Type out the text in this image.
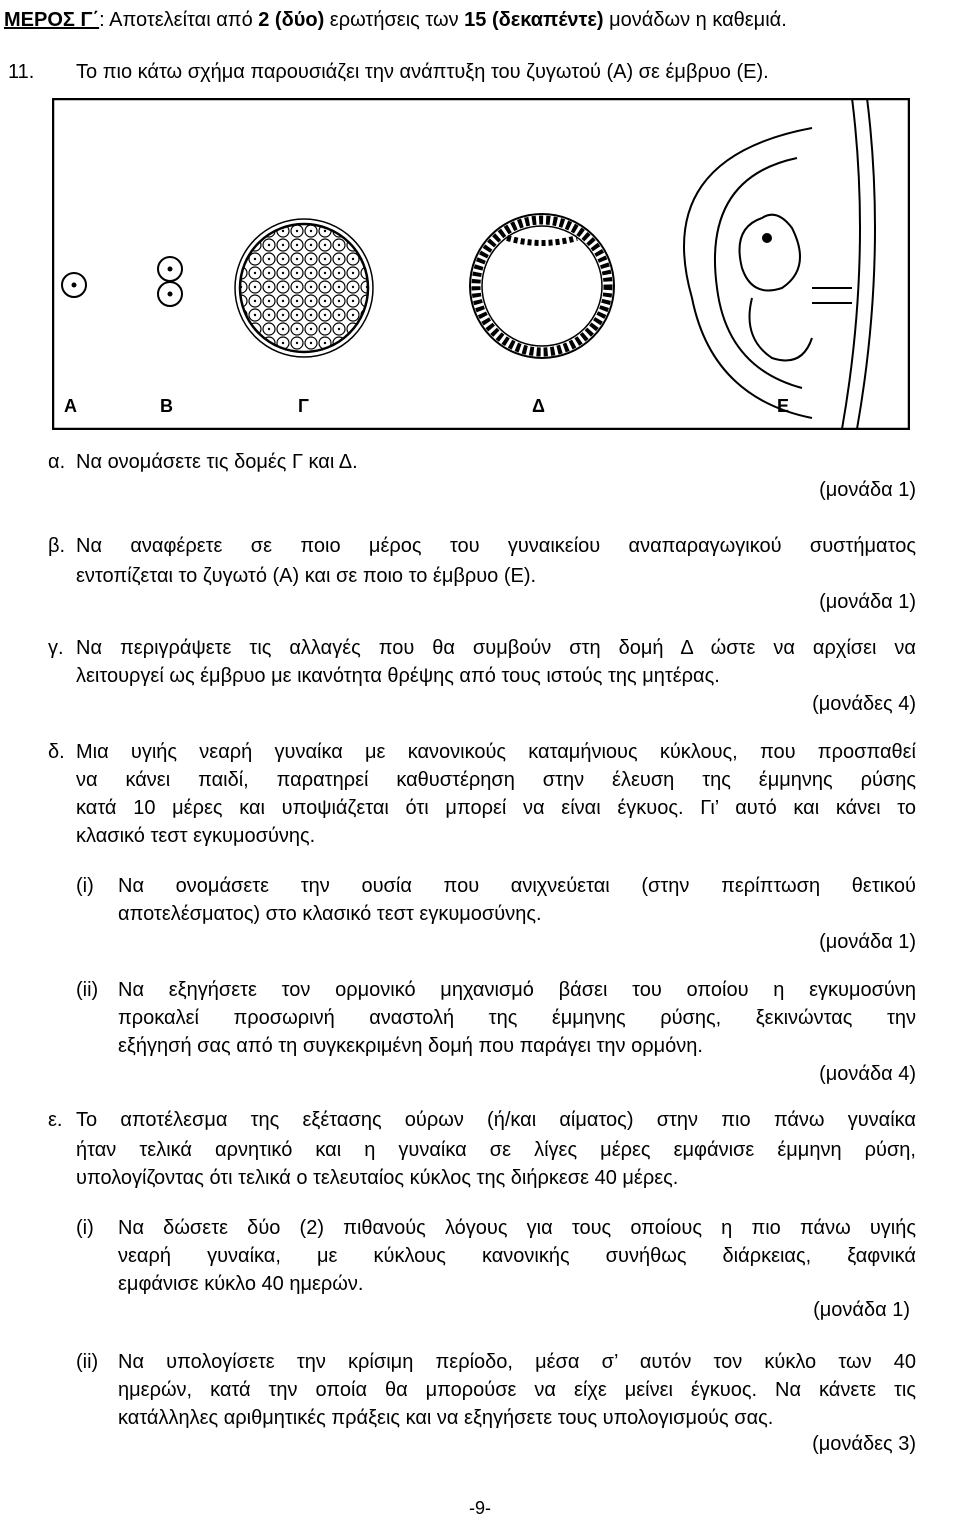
ΜΕΡΟΣ Γ΄: Αποτελείται από 2 (δύο) ερωτήσεις των 15 (δεκαπέντε) μονάδων η καθεμιά.
11. Το πιο κάτω σχήμα παρουσιάζει την ανάπτυξη του ζυγωτού (Α) σε έμβρυο (Ε).
Α	Β	Γ	Δ	Ε
α. Να ονομάσετε τις δομές Γ και Δ.
(μονάδα 1)
β. Να αναφέρετε σε ποιο μέρος του γυναικείου αναπαραγωγικού συστήματος
εντοπίζεται το ζυγωτό (Α) και σε ποιο το έμβρυο (Ε).
(μονάδα 1)
γ. Να περιγράψετε τις αλλαγές που θα συμβούν στη δομή Δ ώστε να αρχίσει να
λειτουργεί ως έμβρυο με ικανότητα θρέψης από τους ιστούς της μητέρας.
(μονάδες 4)
δ. Μια υγιής νεαρή γυναίκα με κανονικούς καταμήνιους κύκλους, που προσπαθεί
να κάνει παιδί, παρατηρεί καθυστέρηση στην έλευση της έμμηνης ρύσης
κατά 10 μέρες και υποψιάζεται ότι μπορεί να είναι έγκυος. Γι’ αυτό και κάνει το
κλασικό τεστ εγκυμοσύνης.
(i) Να ονομάσετε την ουσία που ανιχνεύεται (στην περίπτωση θετικού
αποτελέσματος) στο κλασικό τεστ εγκυμοσύνης.
(μονάδα 1)
(ii) Να εξηγήσετε τον ορμονικό μηχανισμό βάσει του οποίου η εγκυμοσύνη
προκαλεί προσωρινή αναστολή της έμμηνης ρύσης, ξεκινώντας την
εξήγησή σας από τη συγκεκριμένη δομή που παράγει την ορμόνη.
(μονάδα 4)
ε. Το αποτέλεσμα της εξέτασης ούρων (ή/και αίματος) στην πιο πάνω γυναίκα
ήταν τελικά αρνητικό και η γυναίκα σε λίγες μέρες εμφάνισε έμμηνη ρύση,
υπολογίζοντας ότι τελικά ο τελευταίος κύκλος της διήρκεσε 40 μέρες.
(i) Να δώσετε δύο (2) πιθανούς λόγους για τους οποίους η πιο πάνω υγιής
νεαρή γυναίκα, με κύκλους κανονικής συνήθως διάρκειας, ξαφνικά
εμφάνισε κύκλο 40 ημερών.
(μονάδα 1)
(ii) Να υπολογίσετε την κρίσιμη περίοδο, μέσα σ’ αυτόν τον κύκλο των 40
ημερών, κατά την οποία θα μπορούσε να είχε μείνει έγκυος. Να κάνετε τις
κατάλληλες αριθμητικές πράξεις και να εξηγήσετε τους υπολογισμούς σας.
(μονάδες 3)
-9-
